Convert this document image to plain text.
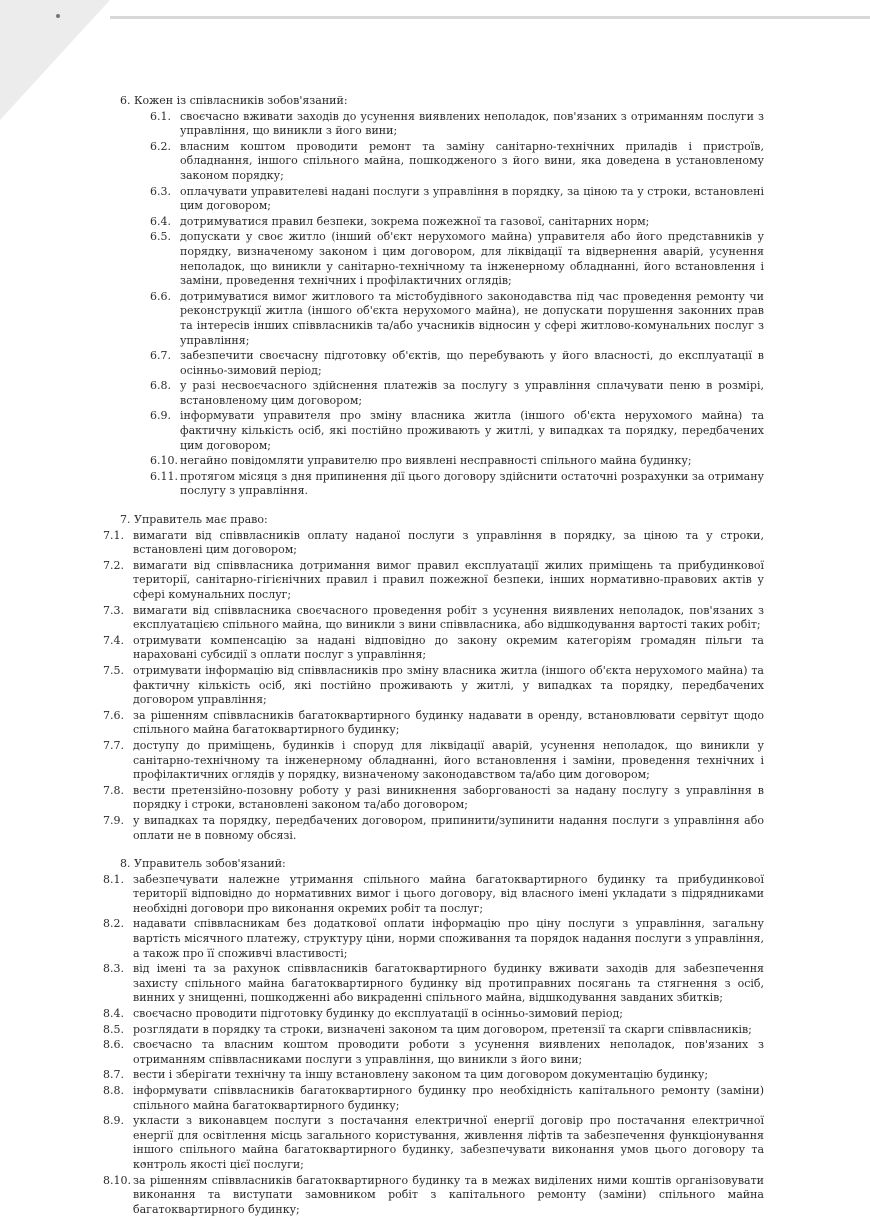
6. Кожен із співласників зобов'язаний:
6.1. своєчасно вживати заходів до усунення виявлених неполадок, пов'язаних з отриманням послуги з управління, що виникли з його вини;
6.2. власним коштом проводити ремонт та заміну санітарно-технічних приладів і пристроїв, обладнання, іншого спільного майна, пошкодженого з його вини, яка доведена в установленому законом порядку;
6.3. оплачувати управителеві надані послуги з управління в порядку, за ціною та у строки, встановлені цим договором;
6.4. дотримуватися правил безпеки, зокрема пожежної та газової, санітарних норм;
6.5. допускати у своє житло (інший об'єкт нерухомого майна) управителя або його представників у порядку, визначеному законом і цим договором, для ліквідації та відвернення аварій, усунення неполадок, що виникли у санітарно-технічному та інженерному обладнанні, його встановлення і заміни, проведення технічних і профілактичних оглядів;
6.6. дотримуватися вимог житлового та містобудівного законодавства під час проведення ремонту чи реконструкції житла (іншого об'єкта нерухомого майна), не допускати порушення законних прав та інтересів інших співвласників та/або учасників відносин у сфері житлово-комунальних послуг з управління;
6.7. забезпечити своєчасну підготовку об'єктів, що перебувають у його власності, до експлуатації в осінньо-зимовий період;
6.8. у разі несвоєчасного здійснення платежів за послугу з управління сплачувати пеню в розмірі, встановленому цим договором;
6.9. інформувати управителя про зміну власника житла (іншого об'єкта нерухомого майна) та фактичну кількість осіб, які постійно проживають у житлі, у випадках та порядку, передбачених цим договором;
6.10. негайно повідомляти управителю про виявлені несправності спільного майна будинку;
6.11. протягом місяця з дня припинення дії цього договору здійснити остаточні розрахунки за отриману послугу з управління.
7. Управитель має право:
7.1. вимагати від співвласників оплату наданої послуги з управління в порядку, за ціною та у строки, встановлені цим договором;
7.2. вимагати від співвласника дотримання вимог правил експлуатації жилих приміщень та прибудинкової території, санітарно-гігієнічних правил і правил пожежної безпеки, інших нормативно-правових актів у сфері комунальних послуг;
7.3. вимагати від співвласника своєчасного проведення робіт з усунення виявлених неполадок, пов'язаних з експлуатацією спільного майна, що виникли з вини співвласника, або відшкодування вартості таких робіт;
7.4. отримувати компенсацію за надані відповідно до закону окремим категоріям громадян пільги та нараховані субсидії з оплати послуг з управління;
7.5. отримувати інформацію від співвласників про зміну власника житла (іншого об'єкта нерухомого майна) та фактичну кількість осіб, які постійно проживають у житлі, у випадках та порядку, передбачених договором управління;
7.6. за рішенням співвласників багатоквартирного будинку надавати в оренду, встановлювати сервітут щодо спільного майна багатоквартирного будинку;
7.7. доступу до приміщень, будинків і споруд для ліквідації аварій, усунення неполадок, що виникли у санітарно-технічному та інженерному обладнанні, його встановлення і заміни, проведення технічних і профілактичних оглядів у порядку, визначеному законодавством та/або цим договором;
7.8. вести претензійно-позовну роботу у разі виникнення заборгованості за надану послугу з управління в порядку і строки, встановлені законом та/або договором;
7.9. у випадках та порядку, передбачених договором, припинити/зупинити надання послуги з управління або оплати не в повному обсязі.
8. Управитель зобов'язаний:
8.1. забезпечувати належне утримання спільного майна багатоквартирного будинку та прибудинкової території відповідно до нормативних вимог і цього договору, від власного імені укладати з підрядниками необхідні договори про виконання окремих робіт та послуг;
8.2. надавати співвласникам без додаткової оплати інформацію про ціну послуги з управління, загальну вартість місячного платежу, структуру ціни, норми споживання та порядок надання послуги з управління, а також про її споживчі властивості;
8.3. від імені та за рахунок співвласників багатоквартирного будинку вживати заходів для забезпечення захисту спільного майна багатоквартирного будинку від протиправних посягань та стягнення з осіб, винних у знищенні, пошкодженні або викраденні спільного майна, відшкодування завданих збитків;
8.4. своєчасно проводити підготовку будинку до експлуатації в осінньо-зимовий період;
8.5. розглядати в порядку та строки, визначені законом та цим договором, претензії та скарги співвласників;
8.6. своєчасно та власним коштом проводити роботи з усунення виявлених неполадок, пов'язаних з отриманням співвласниками послуги з управління, що виникли з його вини;
8.7. вести і зберігати технічну та іншу встановлену законом та цим договором документацію будинку;
8.8. інформувати співвласників багатоквартирного будинку про необхідність капітального ремонту (заміни) спільного майна багатоквартирного будинку;
8.9. укласти з виконавцем послуги з постачання електричної енергії договір про постачання електричної енергії для освітлення місць загального користування, живлення ліфтів та забезпечення функціонування іншого спільного майна багатоквартирного будинку, забезпечувати виконання умов цього договору та контроль якості цієї послуги;
8.10. за рішенням співвласників багатоквартирного будинку та в межах виділених ними коштів організовувати виконання та виступати замовником робіт з капітального ремонту (заміни) спільного майна багатоквартирного будинку;
